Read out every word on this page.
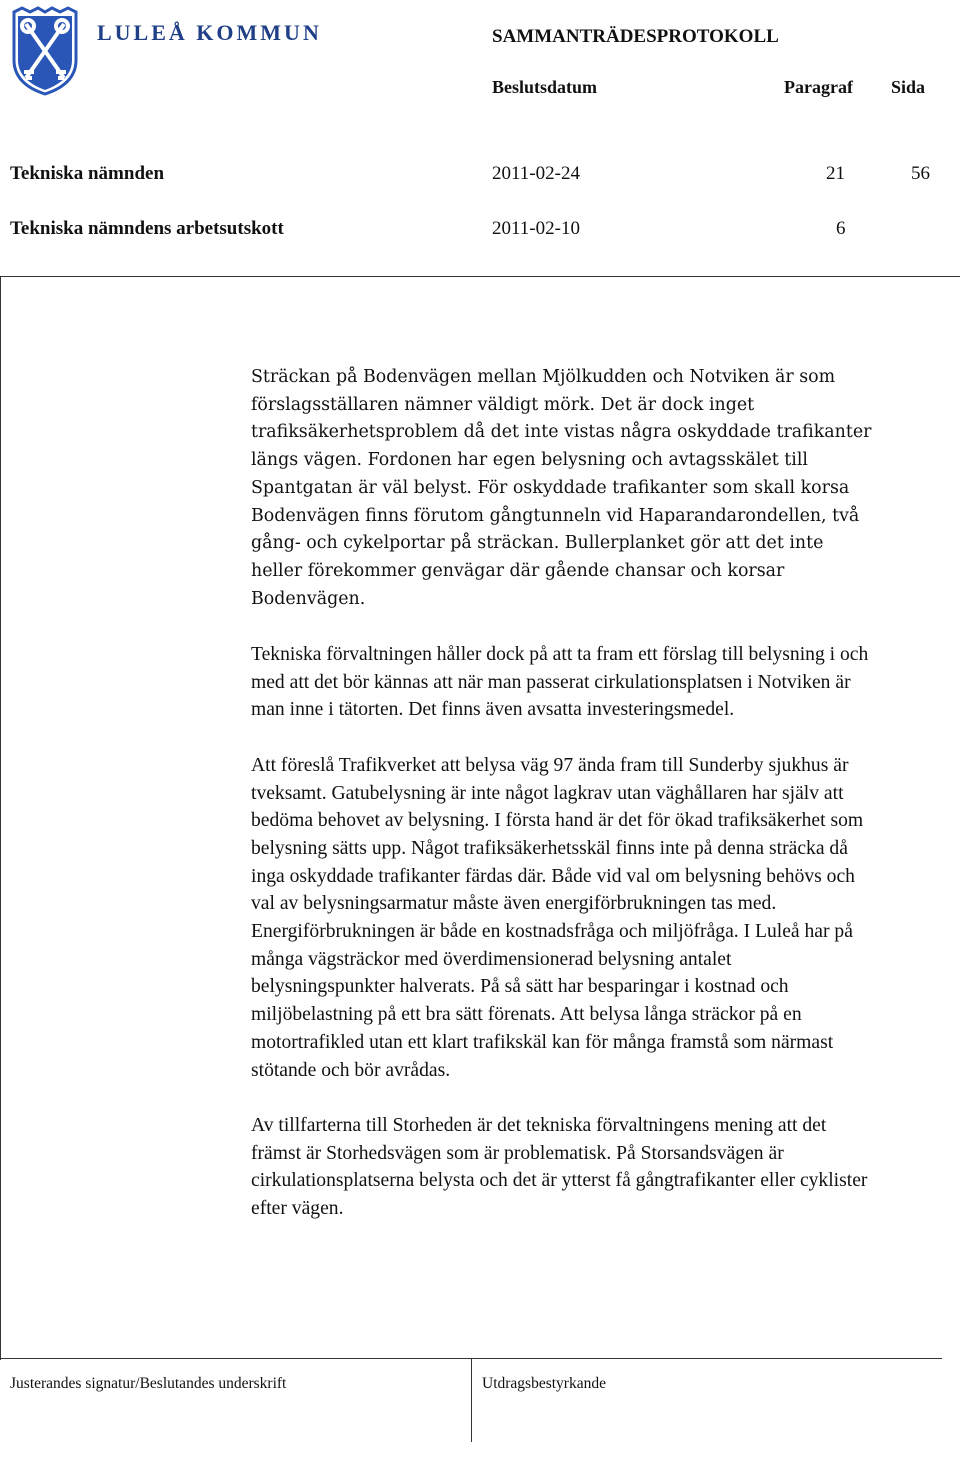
LULEÅ KOMMUN	SAMMANTRÄDESPROTOKOLL
Beslutsdatum	Paragraf Sida
Tekniska nämnden	2011-02-24	21	56
Tekniska nämndens arbetsutskott	2011-02-10	6

Sträckan på Bodenvägen mellan Mjölkudden och Notviken är som förslagsställaren nämner väldigt mörk. Det är dock inget trafiksäkerhetsproblem då det inte vistas några oskyddade trafikanter längs vägen. Fordonen har egen belysning och avtagsskälet till Spantgatan är väl belyst. För oskyddade trafikanter som skall korsa Bodenvägen finns förutom gångtunneln vid Haparandarondellen, två gång- och cykelportar på sträckan. Bullerplanket gör att det inte heller förekommer genvägar där gående chansar och korsar Bodenvägen.

Tekniska förvaltningen håller dock på att ta fram ett förslag till belysning i och med att det bör kännas att när man passerat cirkulationsplatsen i Notviken är man inne i tätorten. Det finns även avsatta investeringsmedel.

Att föreslå Trafikverket att belysa väg 97 ända fram till Sunderby sjukhus är tveksamt. Gatubelysning är inte något lagkrav utan väghållaren har själv att bedöma behovet av belysning. I första hand är det för ökad trafiksäkerhet som belysning sätts upp. Något trafiksäkerhetsskäl finns inte på denna sträcka då inga oskyddade trafikanter färdas där. Både vid val om belysning behövs och val av belysningsarmatur måste även energiförbrukningen tas med. Energiförbrukningen är både en kostnadsfråga och miljöfråga. I Luleå har på många vägsträckor med överdimensionerad belysning antalet belysningspunkter halverats. På så sätt har besparingar i kostnad och miljöbelastning på ett bra sätt förenats. Att belysa långa sträckor på en motortrafikled utan ett klart trafikskäl kan för många framstå som närmast stötande och bör avrådas.

Av tillfarterna till Storheden är det tekniska förvaltningens mening att det främst är Storhedsvägen som är problematisk. På Storsandsvägen är cirkulationsplatserna belysta och det är ytterst få gångtrafikanter eller cyklister efter vägen.

Justerandes signatur/Beslutandes underskrift	Utdragsbestyrkande
